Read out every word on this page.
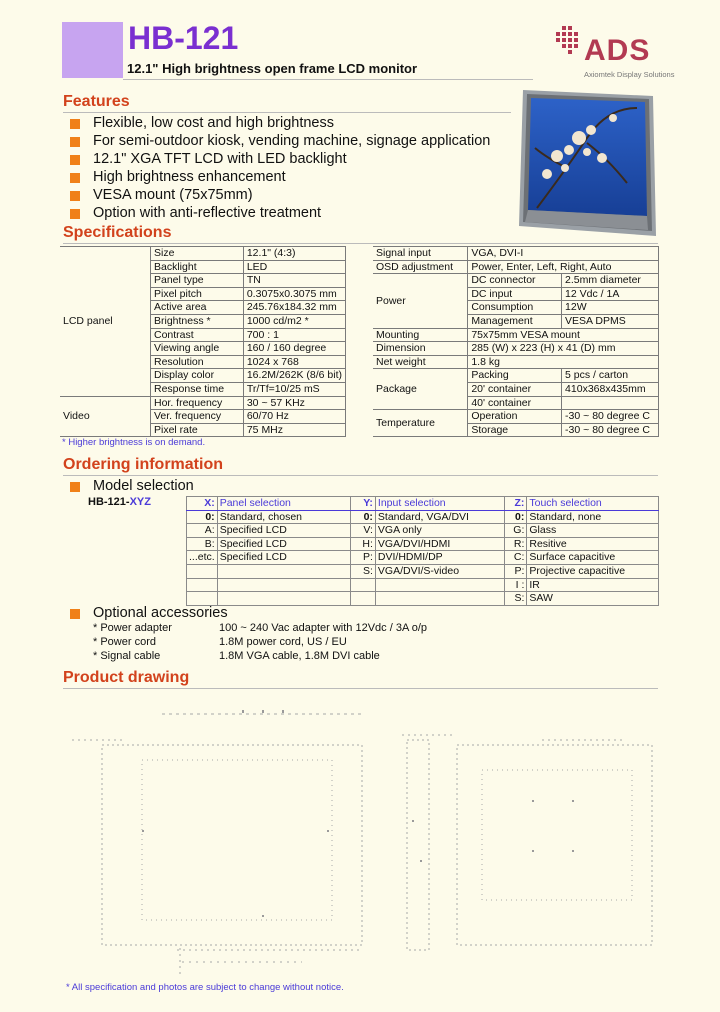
HB-121
12.1" High brightness open frame LCD monitor
ADS
Axiomtek Display Solutions
Features
Flexible, low cost and high brightness
For semi-outdoor kiosk, vending machine, signage application
12.1" XGA TFT LCD with LED backlight
High brightness enhancement
VESA mount (75x75mm)
Option with anti-reflective treatment
Specifications
LCD panel	Size	12.1" (4:3)
	Backlight	LED
	Panel type	TN
	Pixel pitch	0.3075x0.3075 mm
	Active area	245.76x184.32 mm
	Brightness *	1000 cd/m2 *
	Contrast	700 : 1
	Viewing angle	160 / 160 degree
	Resolution	1024 x 768
	Display color	16.2M/262K (8/6 bit)
	Response time	Tr/Tf=10/25 mS
Video	Hor. frequency	30 ~ 57 KHz
	Ver. frequency	60/70 Hz
	Pixel rate	75 MHz
Signal input	VGA, DVI-I	
OSD adjustment	Power, Enter, Left, Right, Auto	
Power	DC connector	2.5mm diameter
	DC input	12 Vdc / 1A
	Consumption	12W
	Management	VESA DPMS
Mounting	75x75mm VESA mount	
Dimension	285 (W) x 223 (H) x 41 (D) mm	
Net weight	1.8 kg	
Package	Packing	5 pcs / carton
	20' container	410x368x435mm
	40' container	
Temperature	Operation	-30 ~ 80 degree C
	Storage	-30 ~ 80 degree C
* Higher brightness is on demand.
Ordering information
Model selection
HB-121-XYZ	X:	Panel selection	Y:	Input selection	Z:	Touch selection
0:	Standard, chosen	0:	Standard, VGA/DVI	0:	Standard, none
A:	Specified LCD	V:	VGA only	G:	Glass
B:	Specified LCD	H:	VGA/DVI/HDMI	R:	Resitive
...etc.	Specified LCD	P:	DVI/HDMI/DP	C:	Surface capacitive
		S:	VGA/DVI/S-video	P:	Projective capacitive
				I :	IR
				S:	SAW
Optional accessories
* Power adapter	100 ~ 240 Vac adapter with 12Vdc / 3A o/p
* Power cord	1.8M power cord, US / EU
* Signal cable	1.8M VGA cable, 1.8M DVI cable
Product drawing
* All specification and photos are subject to change without notice.
